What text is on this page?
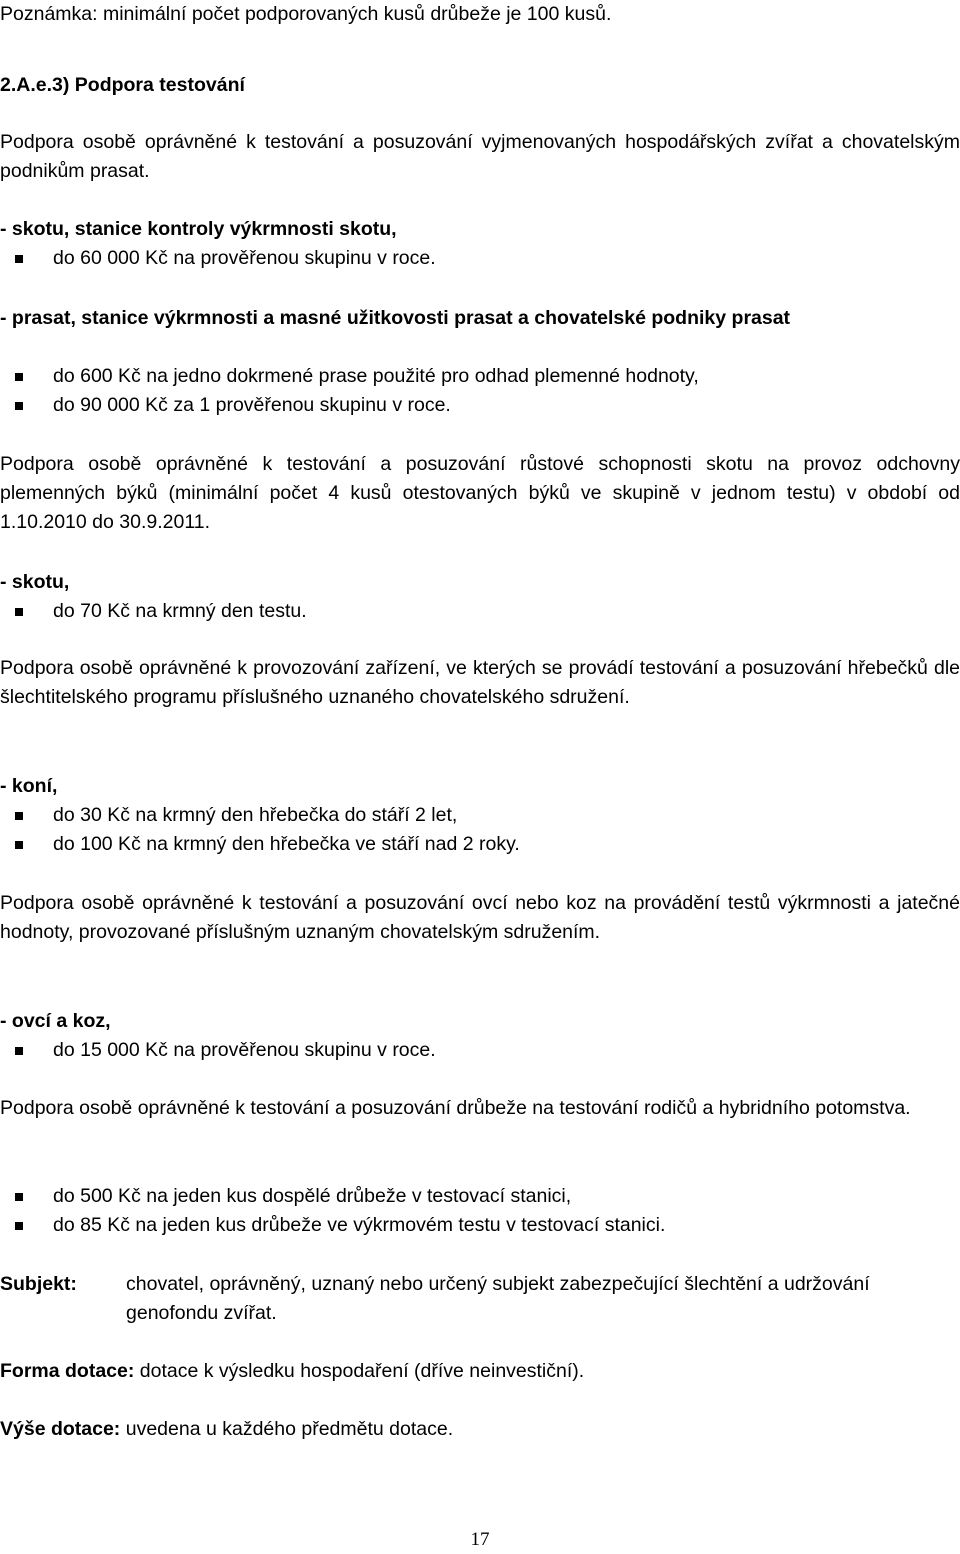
Poznámka: minimální počet podporovaných kusů drůbeže je 100 kusů.
2.A.e.3) Podpora testování
Podpora osobě oprávněné k testování a posuzování vyjmenovaných hospodářských zvířat a chovatelským podnikům prasat.
- skotu, stanice kontroly výkrmnosti skotu,
do 60 000 Kč na prověřenou skupinu v roce.
- prasat, stanice výkrmnosti a masné užitkovosti prasat a chovatelské podniky prasat
do 600 Kč na jedno dokrmené prase použité pro odhad plemenné hodnoty,
do 90 000 Kč za 1 prověřenou skupinu v roce.
Podpora osobě oprávněné k testování a posuzování růstové schopnosti skotu na provoz odchovny plemenných býků (minimální počet 4 kusů otestovaných býků ve skupině v jednom testu) v období od 1.10.2010 do 30.9.2011.
- skotu,
do 70 Kč na krmný den testu.
Podpora osobě oprávněné k provozování zařízení, ve kterých se provádí testování a posuzování hřebečků dle šlechtitelského programu příslušného uznaného chovatelského sdružení.
- koní,
do 30 Kč na krmný den hřebečka do stáří 2 let,
do 100 Kč na krmný den hřebečka ve stáří nad 2 roky.
Podpora osobě oprávněné k testování a posuzování ovcí nebo koz na provádění testů výkrmnosti a jatečné hodnoty, provozované příslušným uznaným chovatelským sdružením.
- ovcí a koz,
do 15 000 Kč na prověřenou skupinu v roce.
Podpora osobě oprávněné k testování a posuzování drůbeže na testování rodičů a hybridního potomstva.
do 500 Kč na jeden kus dospělé drůbeže v testovací stanici,
do 85 Kč na jeden kus drůbeže ve výkrmovém testu v testovací stanici.
Subjekt:	chovatel, oprávněný, uznaný nebo určený subjekt zabezpečující šlechtění a udržování genofondu zvířat.
Forma dotace: dotace k výsledku hospodaření (dříve neinvestiční).
Výše dotace: uvedena u každého předmětu dotace.
17
